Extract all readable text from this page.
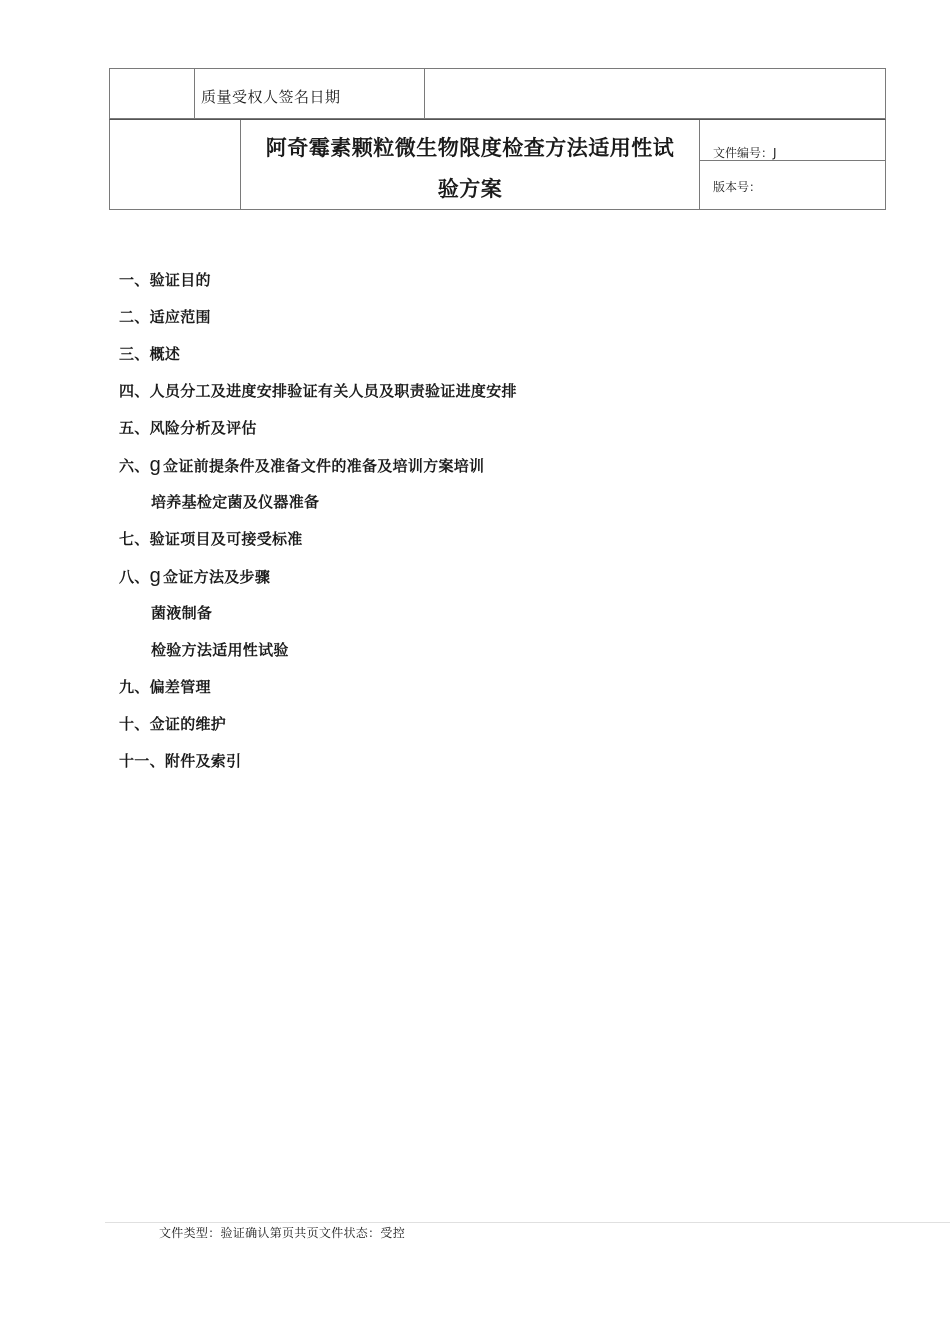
质量受权人签名日期
阿奇霉素颗粒微生物限度检查方法适用性试
验方案
文件编号：J
版本号：
一、验证目的
二、适应范围
三、概述
四、人员分工及进度安排验证有关人员及职责验证进度安排
五、风险分析及评估
六、g 佥证前提条件及准备文件的准备及培训方案培训
培养基检定菌及仪器准备
七、验证项目及可接受标准
八、g 佥证方法及步骤
菌液制备
检验方法适用性试验
九、偏差管理
十、佥证的维护
十一、附件及索引
文件类型：验证确认第页共页文件状态：受控
